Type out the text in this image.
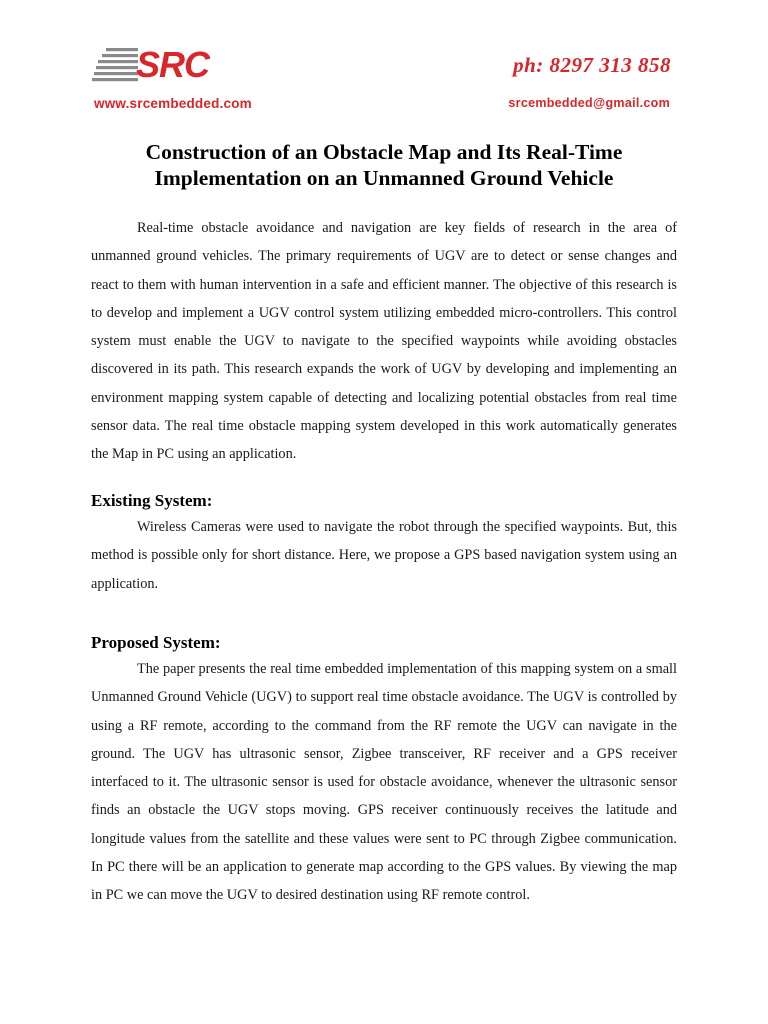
SRC
www.srcembedded.com
ph: 8297 313 858
srcembedded@gmail.com
Construction of an Obstacle Map and Its Real-Time
Implementation on an Unmanned Ground Vehicle

Real-time obstacle avoidance and navigation are key fields of research in the area of unmanned ground vehicles. The primary requirements of UGV are to detect or sense changes and react to them with human intervention in a safe and efficient manner. The objective of this research is to develop and implement a UGV control system utilizing embedded micro-controllers. This control system must enable the UGV to navigate to the specified waypoints while avoiding obstacles discovered in its path. This research expands the work of UGV by developing and implementing an environment mapping system capable of detecting and localizing potential obstacles from real time sensor data. The real time obstacle mapping system developed in this work automatically generates the Map in PC using an application.

Existing System:

Wireless Cameras were used to navigate the robot through the specified waypoints. But, this method is possible only for short distance. Here, we propose a GPS based navigation system using an application.

Proposed System:

The paper presents the real time embedded implementation of this mapping system on a small Unmanned Ground Vehicle (UGV) to support real time obstacle avoidance. The UGV is controlled by using a RF remote, according to the command from the RF remote the UGV can navigate in the ground. The UGV has ultrasonic sensor, Zigbee transceiver, RF receiver and a GPS receiver interfaced to it. The ultrasonic sensor is used for obstacle avoidance, whenever the ultrasonic sensor finds an obstacle the UGV stops moving. GPS receiver continuously receives the latitude and longitude values from the satellite and these values were sent to PC through Zigbee communication. In PC there will be an application to generate map according to the GPS values. By viewing the map in PC we can move the UGV to desired destination using RF remote control.
